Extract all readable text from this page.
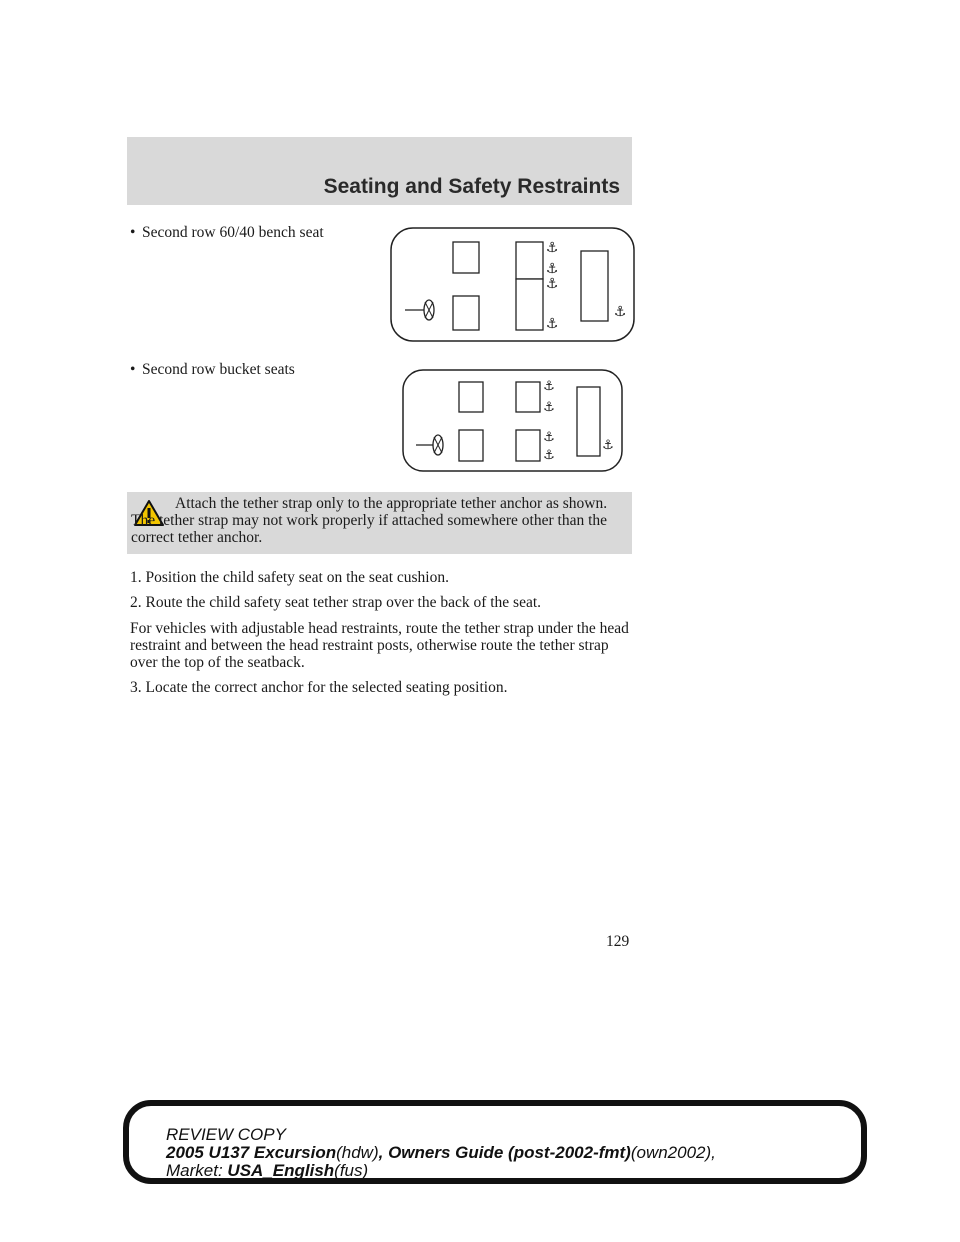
Seating and Safety Restraints
• Second row 60/40 bench seat
⚓
⚓
⚓
⚓
⚓
• Second row bucket seats
⚓
⚓
⚓
⚓
⚓
Attach the tether strap only to the appropriate tether anchor as shown. The tether strap may not work properly if attached somewhere other than the correct tether anchor.
1. Position the child safety seat on the seat cushion.
2. Route the child safety seat tether strap over the back of the seat.
For vehicles with adjustable head restraints, route the tether strap under the head restraint and between the head restraint posts, otherwise route the tether strap over the top of the seatback.
3. Locate the correct anchor for the selected seating position.
129
REVIEW COPY
2005 U137 Excursion(hdw), Owners Guide (post-2002-fmt)(own2002),
Market: USA_English(fus)
